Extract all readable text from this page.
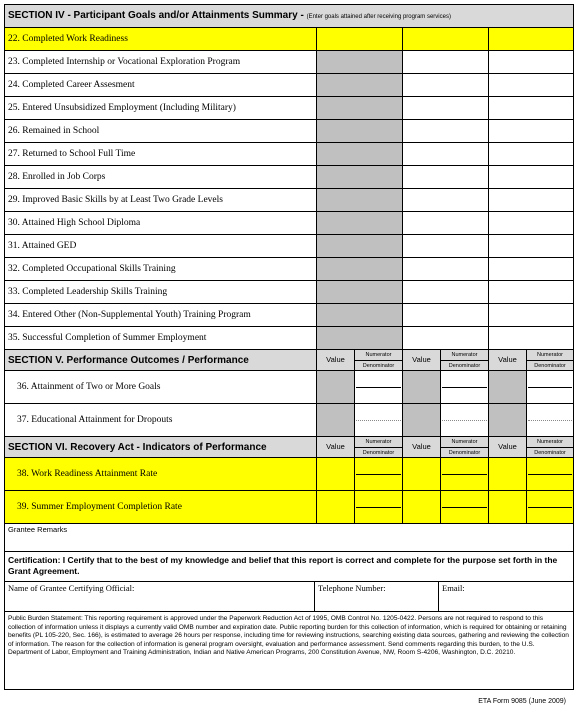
SECTION IV - Participant Goals and/or Attainments Summary - (Enter goals attained after receiving program services)
22. Completed Work Readiness
23. Completed Internship or Vocational Exploration Program
24. Completed Career Assesment
25. Entered Unsubsidized Employment (Including Military)
26. Remained in School
27. Returned to School Full Time
28. Enrolled in Job Corps
29. Improved Basic Skills by at Least Two Grade Levels
30. Attained High School Diploma
31. Attained GED
32. Completed Occupational Skills Training
33. Completed Leadership Skills Training
34. Entered Other (Non-Supplemental Youth) Training Program
35. Successful Completion of Summer Employment
SECTION V. Performance Outcomes / Performance	Value	Numerator
Denominator
Value	Numerator
Denominator
Value	Numerator
Denominator
36. Attainment of Two or More Goals
37. Educational Attainment for Dropouts
SECTION VI. Recovery Act - Indicators of Performance	Value	Numerator
Denominator
Value	Numerator
Denominator
Value	Numerator
Denominator
38. Work Readiness Attainment Rate
39. Summer Employment Completion Rate
Grantee Remarks
Certification: I Certify that to the best of my knowledge and belief that this report is correct and complete for the purpose set forth in the Grant Agreement.
Name of Grantee Certifying Official:	Telephone Number:	Email:
Public Burden Statement: This reporting requirement is approved under the Paperwork Reduction Act of 1995, OMB Control No. 1205-0422. Persons are not required to respond to this collection of information unless it displays a currently valid OMB number and expiration date. Public reporting burden for this collection of information, which is required for obtaining or retaining benefits (PL 105-220, Sec. 166), is estimated to average 26 hours per response, including time for reviewing instructions, searching existing data sources, gathering and reviewing the collection of information. The reason for the collection of information is general program oversight, evaluation and performance assessment. Send comments regarding this burden, to the U.S. Department of Labor, Employment and Training Administration, Indian and Native American Programs, 200 Constitution Avenue, NW, Room S-4206, Washington, D.C. 20210.
ETA Form 9085 (June 2009)
